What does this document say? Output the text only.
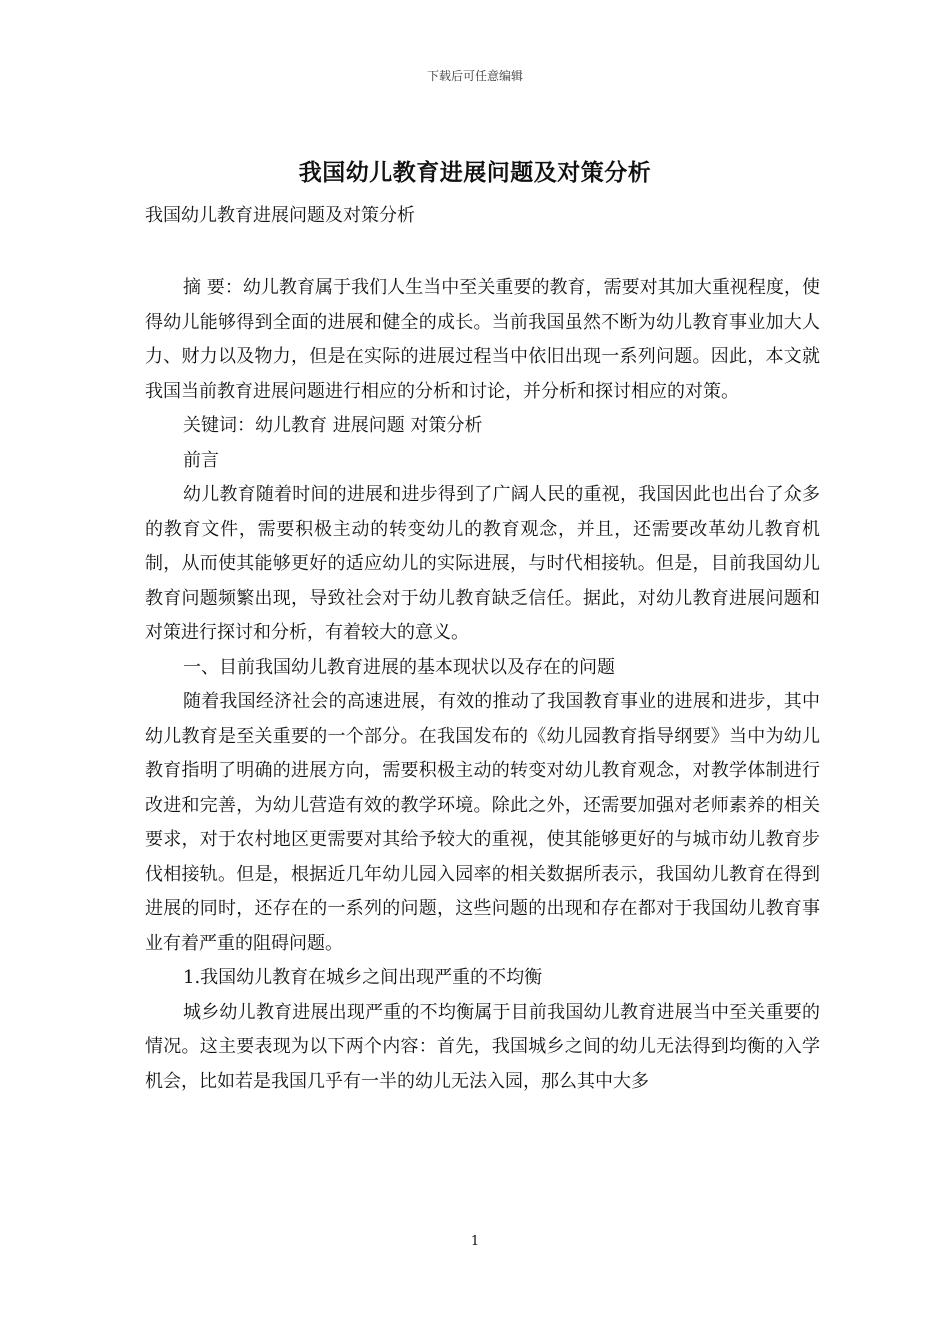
下载后可任意编辑
我国幼儿教育进展问题及对策分析
我国幼儿教育进展问题及对策分析

摘 要：幼儿教育属于我们人生当中至关重要的教育，需要对其加大重视程度，使得幼儿能够得到全面的进展和健全的成长。当前我国虽然不断为幼儿教育事业加大人力、财力以及物力，但是在实际的进展过程当中依旧出现一系列问题。因此，本文就我国当前教育进展问题进行相应的分析和讨论，并分析和探讨相应的对策。

关键词：幼儿教育 进展问题 对策分析

前言

幼儿教育随着时间的进展和进步得到了广阔人民的重视，我国因此也出台了众多的教育文件，需要积极主动的转变幼儿的教育观念，并且，还需要改革幼儿教育机制，从而使其能够更好的适应幼儿的实际进展，与时代相接轨。但是，目前我国幼儿教育问题频繁出现，导致社会对于幼儿教育缺乏信任。据此，对幼儿教育进展问题和对策进行探讨和分析，有着较大的意义。

一、目前我国幼儿教育进展的基本现状以及存在的问题

随着我国经济社会的高速进展，有效的推动了我国教育事业的进展和进步，其中幼儿教育是至关重要的一个部分。在我国发布的《幼儿园教育指导纲要》当中为幼儿教育指明了明确的进展方向，需要积极主动的转变对幼儿教育观念，对教学体制进行改进和完善，为幼儿营造有效的教学环境。除此之外，还需要加强对老师素养的相关要求，对于农村地区更需要对其给予较大的重视，使其能够更好的与城市幼儿教育步伐相接轨。但是，根据近几年幼儿园入园率的相关数据所表示，我国幼儿教育在得到进展的同时，还存在的一系列的问题，这些问题的出现和存在都对于我国幼儿教育事业有着严重的阻碍问题。

1.我国幼儿教育在城乡之间出现严重的不均衡

城乡幼儿教育进展出现严重的不均衡属于目前我国幼儿教育进展当中至关重要的情况。这主要表现为以下两个内容：首先，我国城乡之间的幼儿无法得到均衡的入学机会，比如若是我国几乎有一半的幼儿无法入园，那么其中大多

1
